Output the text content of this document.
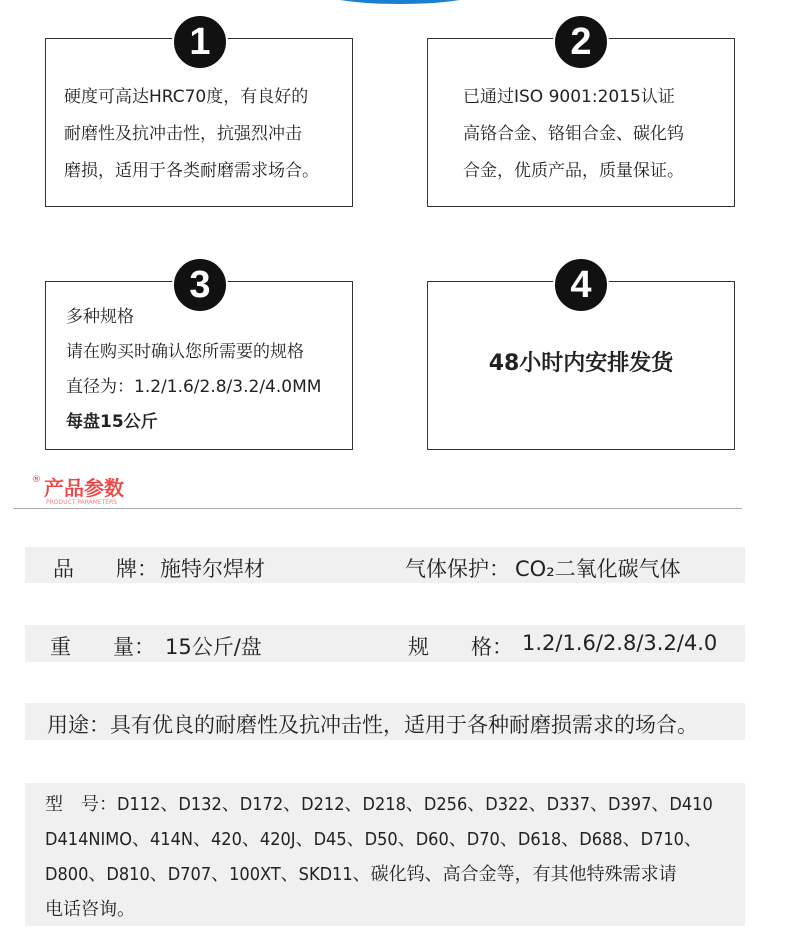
硬度可高达HRC70度，有良好的
耐磨性及抗冲击性，抗强烈冲击
磨损，适用于各类耐磨需求场合。
1
已通过ISO 9001:2015认证
高铬合金、铬钼合金、碳化钨
合金，优质产品，质量保证。
2
多种规格
请在购买时确认您所需要的规格
直径为：1.2/1.6/2.8/3.2/4.0MM
每盘15公斤
3
48小时内安排发货
4
® 产品参数
PRODUCT PARAMETERS
品　　牌： 施特尔焊材	气体保护： CO₂二氧化碳气体
重　　量： 15公斤/盘	规　　格： 1.2/1.6/2.8/3.2/4.0
用途：具有优良的耐磨性及抗冲击性，适用于各种耐磨损需求的场合。
型　号：D112、D132、D172、D212、D218、D256、D322、D337、D397、D410
D414NIMO、414N、420、420J、D45、D50、D60、D70、D618、D688、D710、
D800、D810、D707、100XT、SKD11、碳化钨、高合金等，有其他特殊需求请
电话咨询。
